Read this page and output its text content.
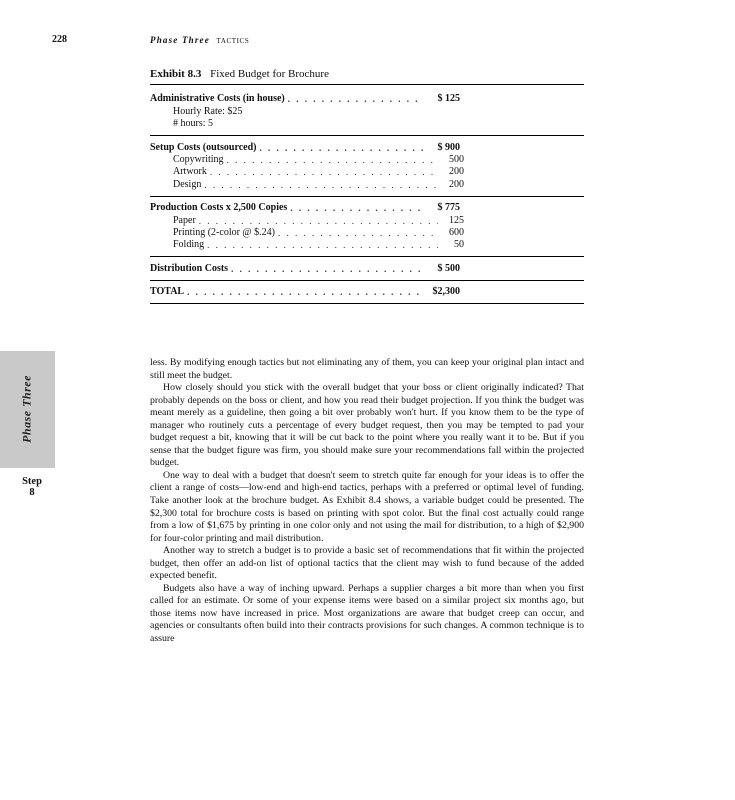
228	Phase Three TACTICS
Exhibit 8.3 Fixed Budget for Brochure
Administrative Costs (in house) . . .	$ 125
Hourly Rate: $25
# hours: 5
Setup Costs (outsourced) . . .	$ 900
Copywriting . . .	500
Artwork . . .	200
Design . . .	200
Production Costs x 2,500 Copies . . .	$ 775
Paper . . .	125
Printing (2-color @ $.24) . . .	600
Folding . . .	50
Distribution Costs . . .	$ 500
TOTAL . . .	$2,300
Phase Three
Step
8

less. By modifying enough tactics but not eliminating any of them, you can keep your original plan intact and still meet the budget.

How closely should you stick with the overall budget that your boss or client originally indicated? That probably depends on the boss or client, and how you read their budget projection. If you think the budget was meant merely as a guideline, then going a bit over probably won't hurt. If you know them to be the type of manager who routinely cuts a percentage of every budget request, then you may be tempted to pad your budget request a bit, knowing that it will be cut back to the point where you really want it to be. But if you sense that the budget figure was firm, you should make sure your recommendations fall within the projected budget.

One way to deal with a budget that doesn't seem to stretch quite far enough for your ideas is to offer the client a range of costs—low-end and high-end tactics, perhaps with a preferred or optimal level of funding. Take another look at the brochure budget. As Exhibit 8.4 shows, a variable budget could be presented. The $2,300 total for brochure costs is based on printing with spot color. But the final cost actually could range from a low of $1,675 by printing in one color only and not using the mail for distribution, to a high of $2,900 for four-color printing and mail distribution.

Another way to stretch a budget is to provide a basic set of recommendations that fit within the projected budget, then offer an add-on list of optional tactics that the client may wish to fund because of the added expected benefit.

Budgets also have a way of inching upward. Perhaps a supplier charges a bit more than when you first called for an estimate. Or some of your expense items were based on a similar project six months ago, but those items now have increased in price. Most organizations are aware that budget creep can occur, and agencies or consultants often build into their contracts provisions for such changes. A common technique is to assure
